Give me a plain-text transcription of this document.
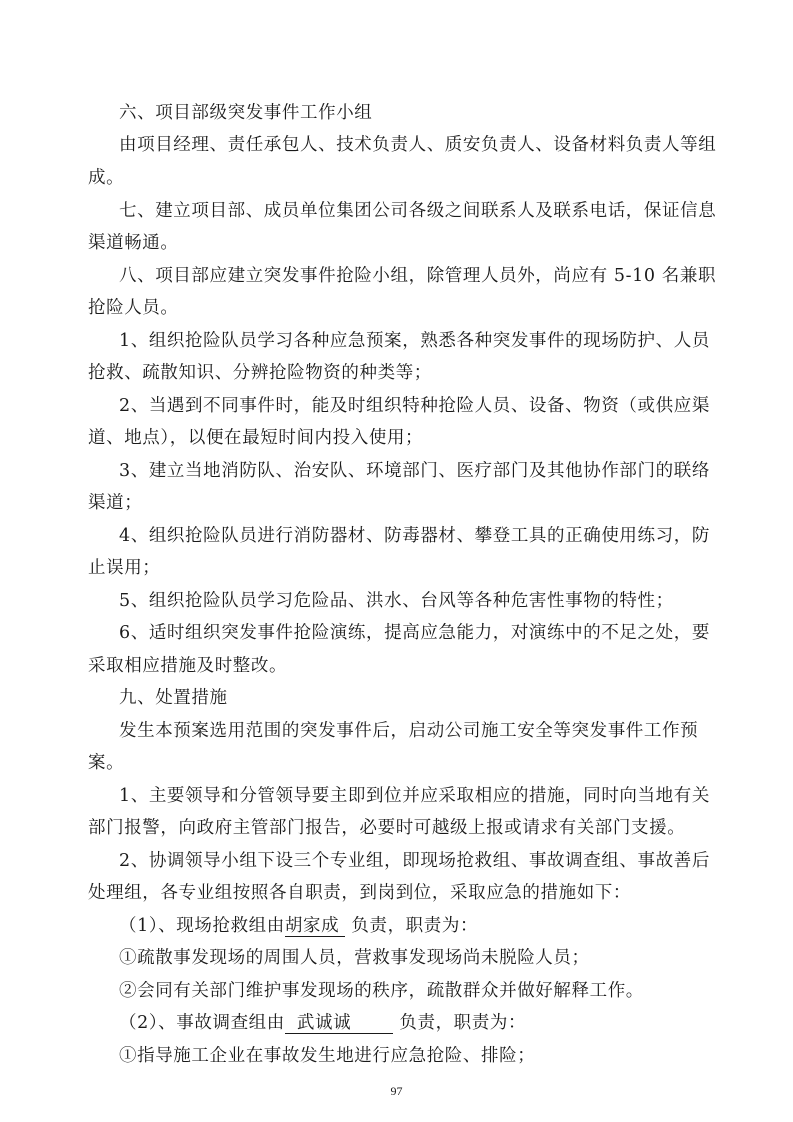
六、项目部级突发事件工作小组
由项目经理、责任承包人、技术负责人、质安负责人、设备材料负责人等组
成。
七、建立项目部、成员单位集团公司各级之间联系人及联系电话，保证信息
渠道畅通。
八、项目部应建立突发事件抢险小组，除管理人员外，尚应有 5-10 名兼职
抢险人员。
1、组织抢险队员学习各种应急预案，熟悉各种突发事件的现场防护、人员
抢救、疏散知识、分辨抢险物资的种类等；
2、当遇到不同事件时，能及时组织特种抢险人员、设备、物资（或供应渠
道、地点），以便在最短时间内投入使用；
3、建立当地消防队、治安队、环境部门、医疗部门及其他协作部门的联络
渠道；
4、组织抢险队员进行消防器材、防毒器材、攀登工具的正确使用练习，防
止误用；
5、组织抢险队员学习危险品、洪水、台风等各种危害性事物的特性；
6、适时组织突发事件抢险演练，提高应急能力，对演练中的不足之处，要
采取相应措施及时整改。
九、处置措施
发生本预案选用范围的突发事件后，启动公司施工安全等突发事件工作预
案。
1、主要领导和分管领导要主即到位并应采取相应的措施，同时向当地有关
部门报警，向政府主管部门报告，必要时可越级上报或请求有关部门支援。
2、协调领导小组下设三个专业组，即现场抢救组、事故调查组、事故善后
处理组，各专业组按照各自职责，到岗到位，采取应急的措施如下：
（1）、现场抢救组由胡家成 负责，职责为：
①疏散事发现场的周围人员，营救事发现场尚未脱险人员；
②会同有关部门维护事发现场的秩序，疏散群众并做好解释工作。
（2）、事故调查组由 武诚诚	负责，职责为：
97
①指导施工企业在事故发生地进行应急抢险、排险；
